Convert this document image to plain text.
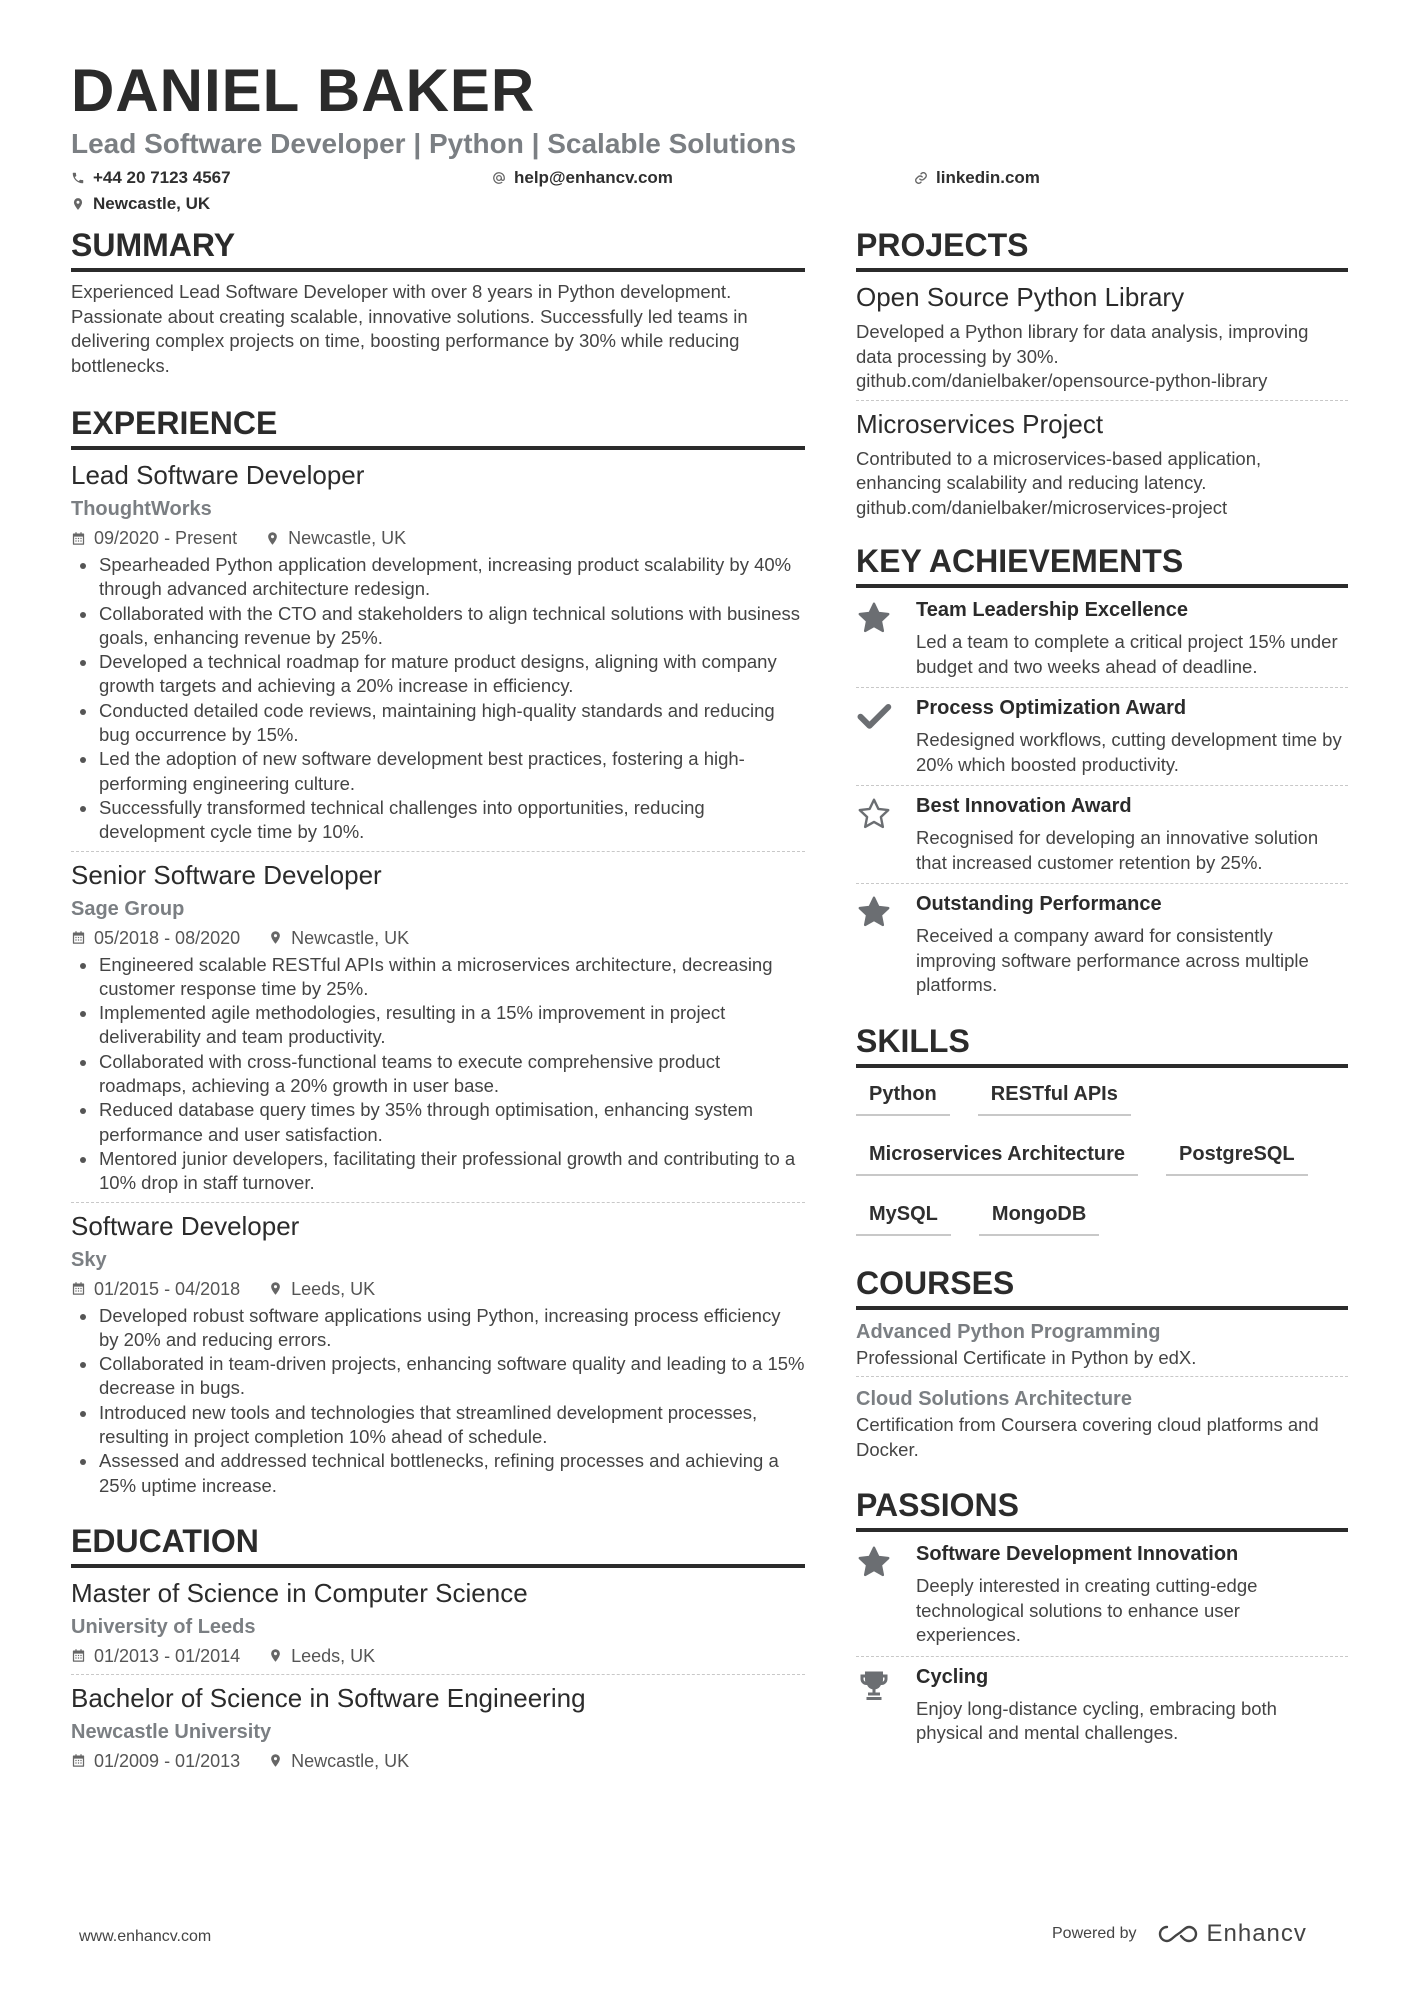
DANIEL BAKER
Lead Software Developer | Python | Scalable Solutions
+44 20 7123 4567	help@enhancv.com	linkedin.com
Newcastle, UK
SUMMARY
Experienced Lead Software Developer with over 8 years in Python development. Passionate about creating scalable, innovative solutions. Successfully led teams in delivering complex projects on time, boosting performance by 30% while reducing bottlenecks.
EXPERIENCE
Lead Software Developer
ThoughtWorks
09/2020 - Present	Newcastle, UK
Spearheaded Python application development, increasing product scalability by 40% through advanced architecture redesign.
Collaborated with the CTO and stakeholders to align technical solutions with business goals, enhancing revenue by 25%.
Developed a technical roadmap for mature product designs, aligning with company growth targets and achieving a 20% increase in efficiency.
Conducted detailed code reviews, maintaining high-quality standards and reducing bug occurrence by 15%.
Led the adoption of new software development best practices, fostering a high-performing engineering culture.
Successfully transformed technical challenges into opportunities, reducing development cycle time by 10%.
Senior Software Developer
Sage Group
05/2018 - 08/2020	Newcastle, UK
Engineered scalable RESTful APIs within a microservices architecture, decreasing customer response time by 25%.
Implemented agile methodologies, resulting in a 15% improvement in project deliverability and team productivity.
Collaborated with cross-functional teams to execute comprehensive product roadmaps, achieving a 20% growth in user base.
Reduced database query times by 35% through optimisation, enhancing system performance and user satisfaction.
Mentored junior developers, facilitating their professional growth and contributing to a 10% drop in staff turnover.
Software Developer
Sky
01/2015 - 04/2018	Leeds, UK
Developed robust software applications using Python, increasing process efficiency by 20% and reducing errors.
Collaborated in team-driven projects, enhancing software quality and leading to a 15% decrease in bugs.
Introduced new tools and technologies that streamlined development processes, resulting in project completion 10% ahead of schedule.
Assessed and addressed technical bottlenecks, refining processes and achieving a 25% uptime increase.
EDUCATION
Master of Science in Computer Science
University of Leeds
01/2013 - 01/2014	Leeds, UK
Bachelor of Science in Software Engineering
Newcastle University
01/2009 - 01/2013	Newcastle, UK
PROJECTS
Open Source Python Library
Developed a Python library for data analysis, improving data processing by 30%.
github.com/danielbaker/opensource-python-library
Microservices Project
Contributed to a microservices-based application, enhancing scalability and reducing latency.
github.com/danielbaker/microservices-project
KEY ACHIEVEMENTS
Team Leadership Excellence
Led a team to complete a critical project 15% under budget and two weeks ahead of deadline.
Process Optimization Award
Redesigned workflows, cutting development time by 20% which boosted productivity.
Best Innovation Award
Recognised for developing an innovative solution that increased customer retention by 25%.
Outstanding Performance
Received a company award for consistently improving software performance across multiple platforms.
SKILLS
Python	RESTful APIs
Microservices Architecture	PostgreSQL
MySQL	MongoDB
COURSES
Advanced Python Programming
Professional Certificate in Python by edX.
Cloud Solutions Architecture
Certification from Coursera covering cloud platforms and Docker.
PASSIONS
Software Development Innovation
Deeply interested in creating cutting-edge technological solutions to enhance user experiences.
Cycling
Enjoy long-distance cycling, embracing both physical and mental challenges.
www.enhancv.com	Powered by	Enhancv
